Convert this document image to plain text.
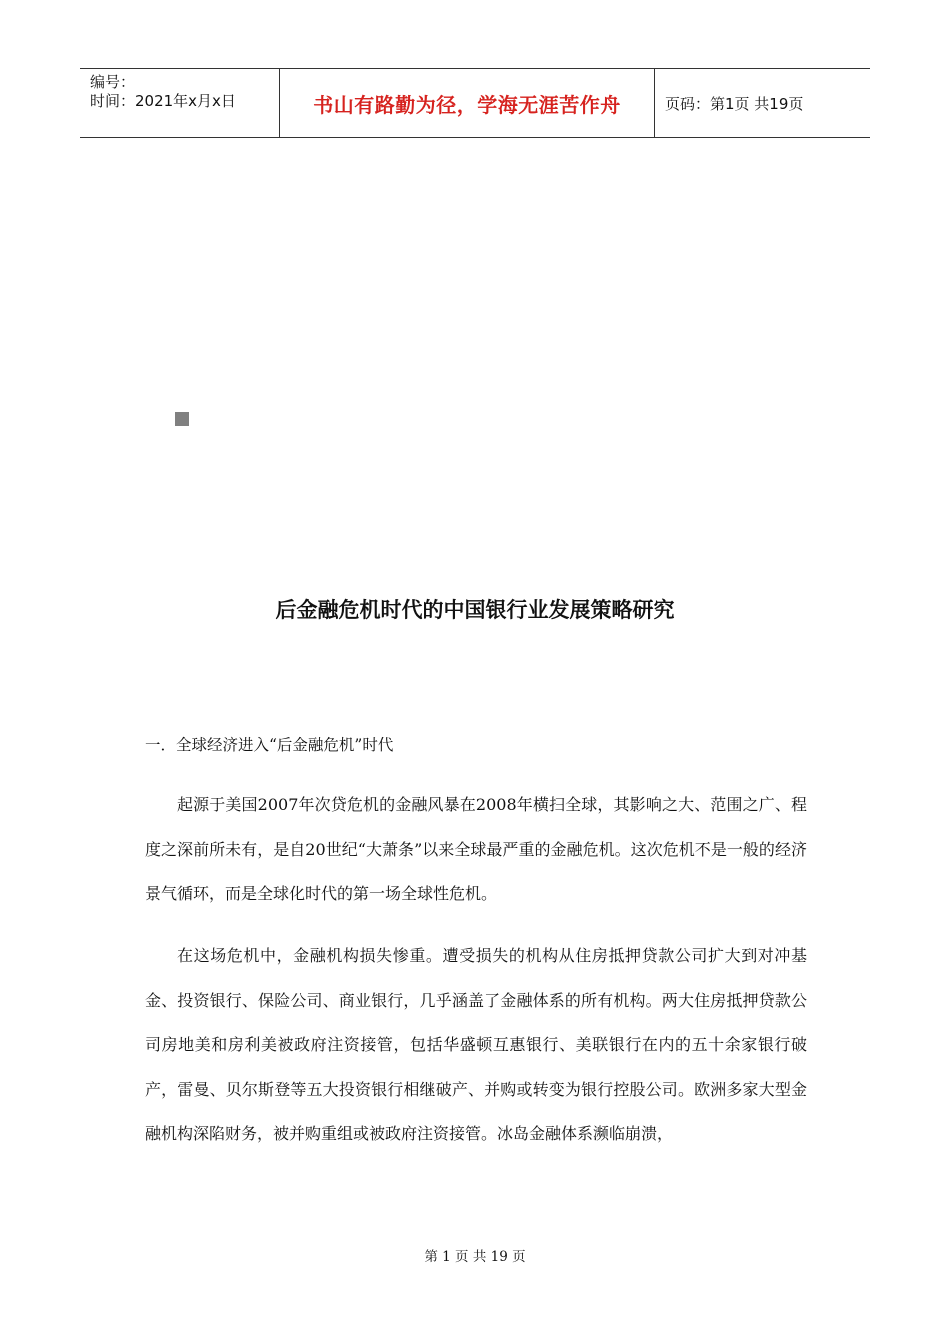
编号：
时间：2021年x月x日	书山有路勤为径，学海无涯苦作舟	页码：第1页 共19页
后金融危机时代的中国银行业发展策略研究
一．全球经济进入“后金融危机”时代

起源于美国2007年次贷危机的金融风暴在2008年横扫全球，其影响之大、范围之广、程度之深前所未有，是自20世纪“大萧条”以来全球最严重的金融危机。这次危机不是一般的经济景气循环，而是全球化时代的第一场全球性危机。

在这场危机中，金融机构损失惨重。遭受损失的机构从住房抵押贷款公司扩大到对冲基金、投资银行、保险公司、商业银行，几乎涵盖了金融体系的所有机构。两大住房抵押贷款公司房地美和房利美被政府注资接管，包括华盛顿互惠银行、美联银行在内的五十余家银行破产，雷曼、贝尔斯登等五大投资银行相继破产、并购或转变为银行控股公司。欧洲多家大型金融机构深陷财务，被并购重组或被政府注资接管。冰岛金融体系濒临崩溃，

第 1 页 共 19 页
